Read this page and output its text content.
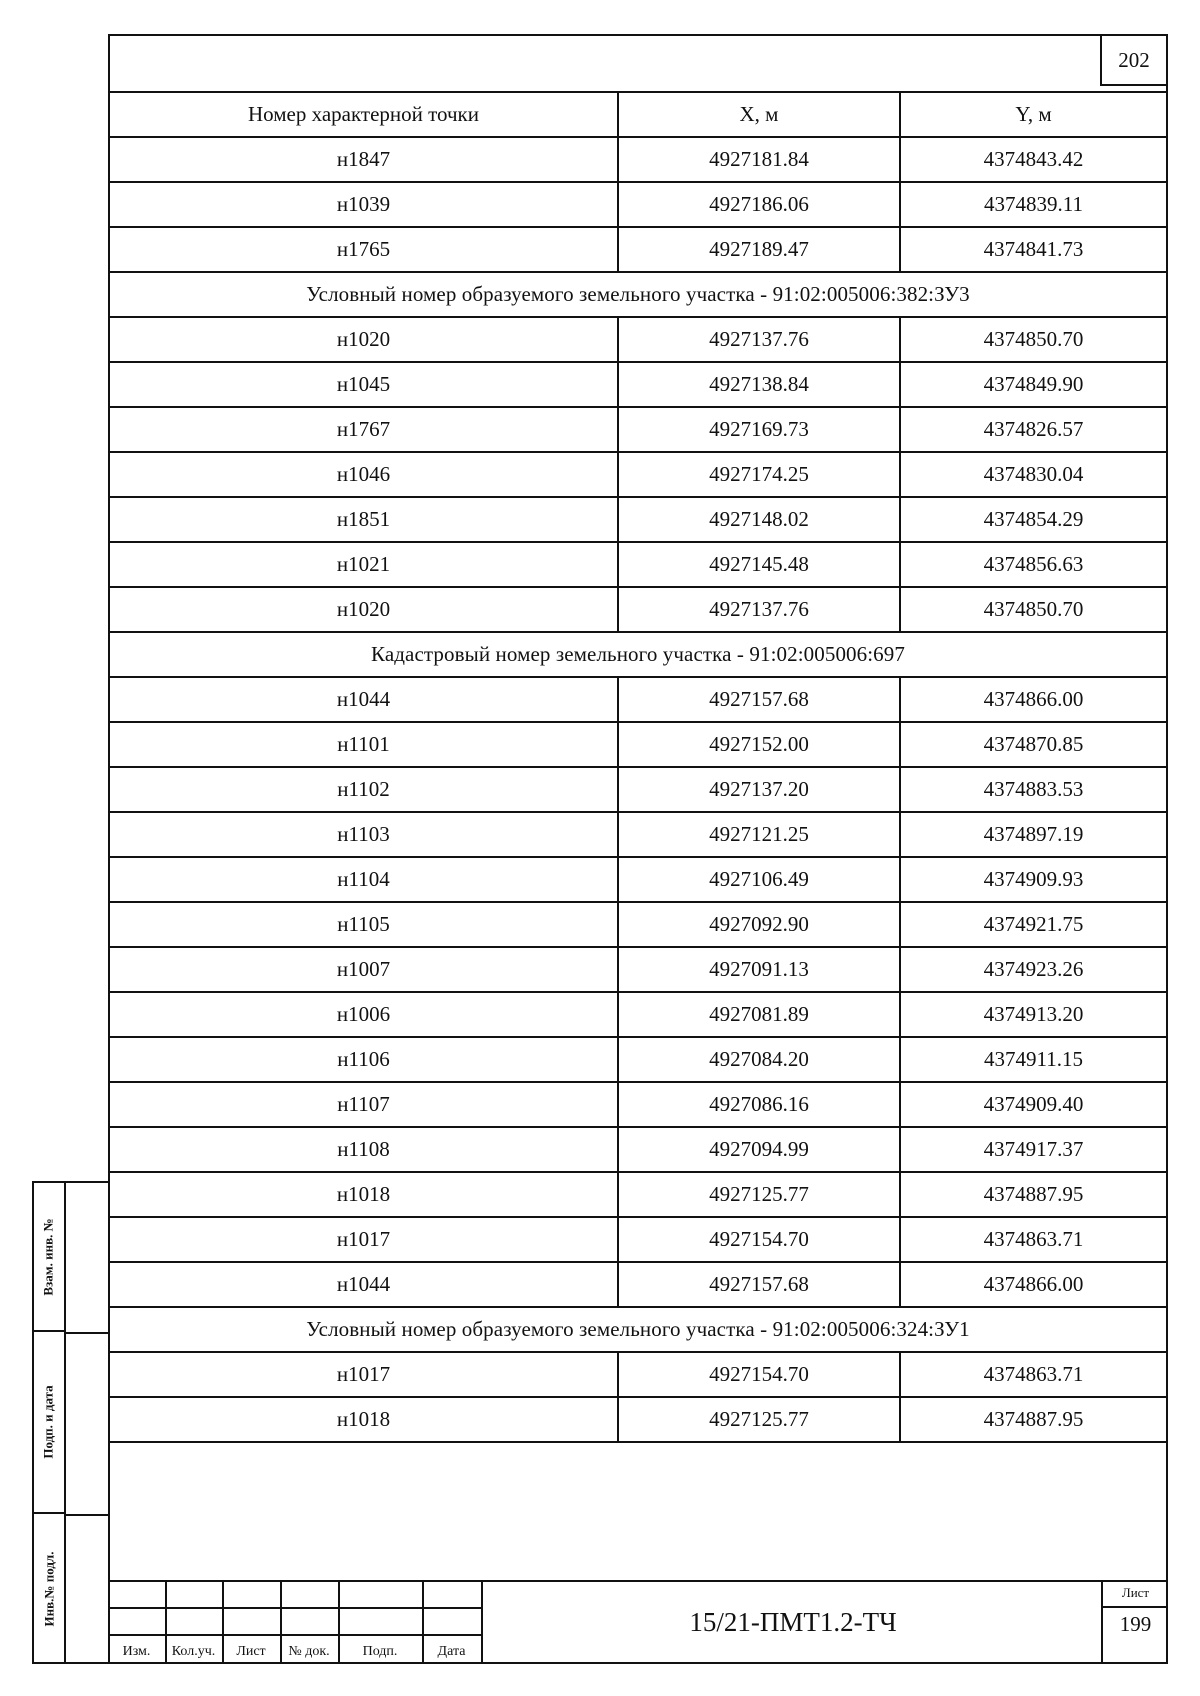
202
Номер характерной точки	X, м	Y, м
н1847	4927181.84	4374843.42
н1039	4927186.06	4374839.11
н1765	4927189.47	4374841.73
Условный номер образуемого земельного участка - 91:02:005006:382:ЗУ3		
н1020	4927137.76	4374850.70
н1045	4927138.84	4374849.90
н1767	4927169.73	4374826.57
н1046	4927174.25	4374830.04
н1851	4927148.02	4374854.29
н1021	4927145.48	4374856.63
н1020	4927137.76	4374850.70
Кадастровый номер земельного участка - 91:02:005006:697		
н1044	4927157.68	4374866.00
н1101	4927152.00	4374870.85
н1102	4927137.20	4374883.53
н1103	4927121.25	4374897.19
н1104	4927106.49	4374909.93
н1105	4927092.90	4374921.75
н1007	4927091.13	4374923.26
н1006	4927081.89	4374913.20
н1106	4927084.20	4374911.15
н1107	4927086.16	4374909.40
н1108	4927094.99	4374917.37
н1018	4927125.77	4374887.95
н1017	4927154.70	4374863.71
н1044	4927157.68	4374866.00
Условный номер образуемого земельного участка - 91:02:005006:324:ЗУ1		
н1017	4927154.70	4374863.71
н1018	4927125.77	4374887.95
Взам. инв. №
Подп. и дата
Инв.№ подл.
Изм.	Кол.уч.	Лист	№ док.	Подп.	Дата
15/21-ПМТ1.2-ТЧ
Лист
199
